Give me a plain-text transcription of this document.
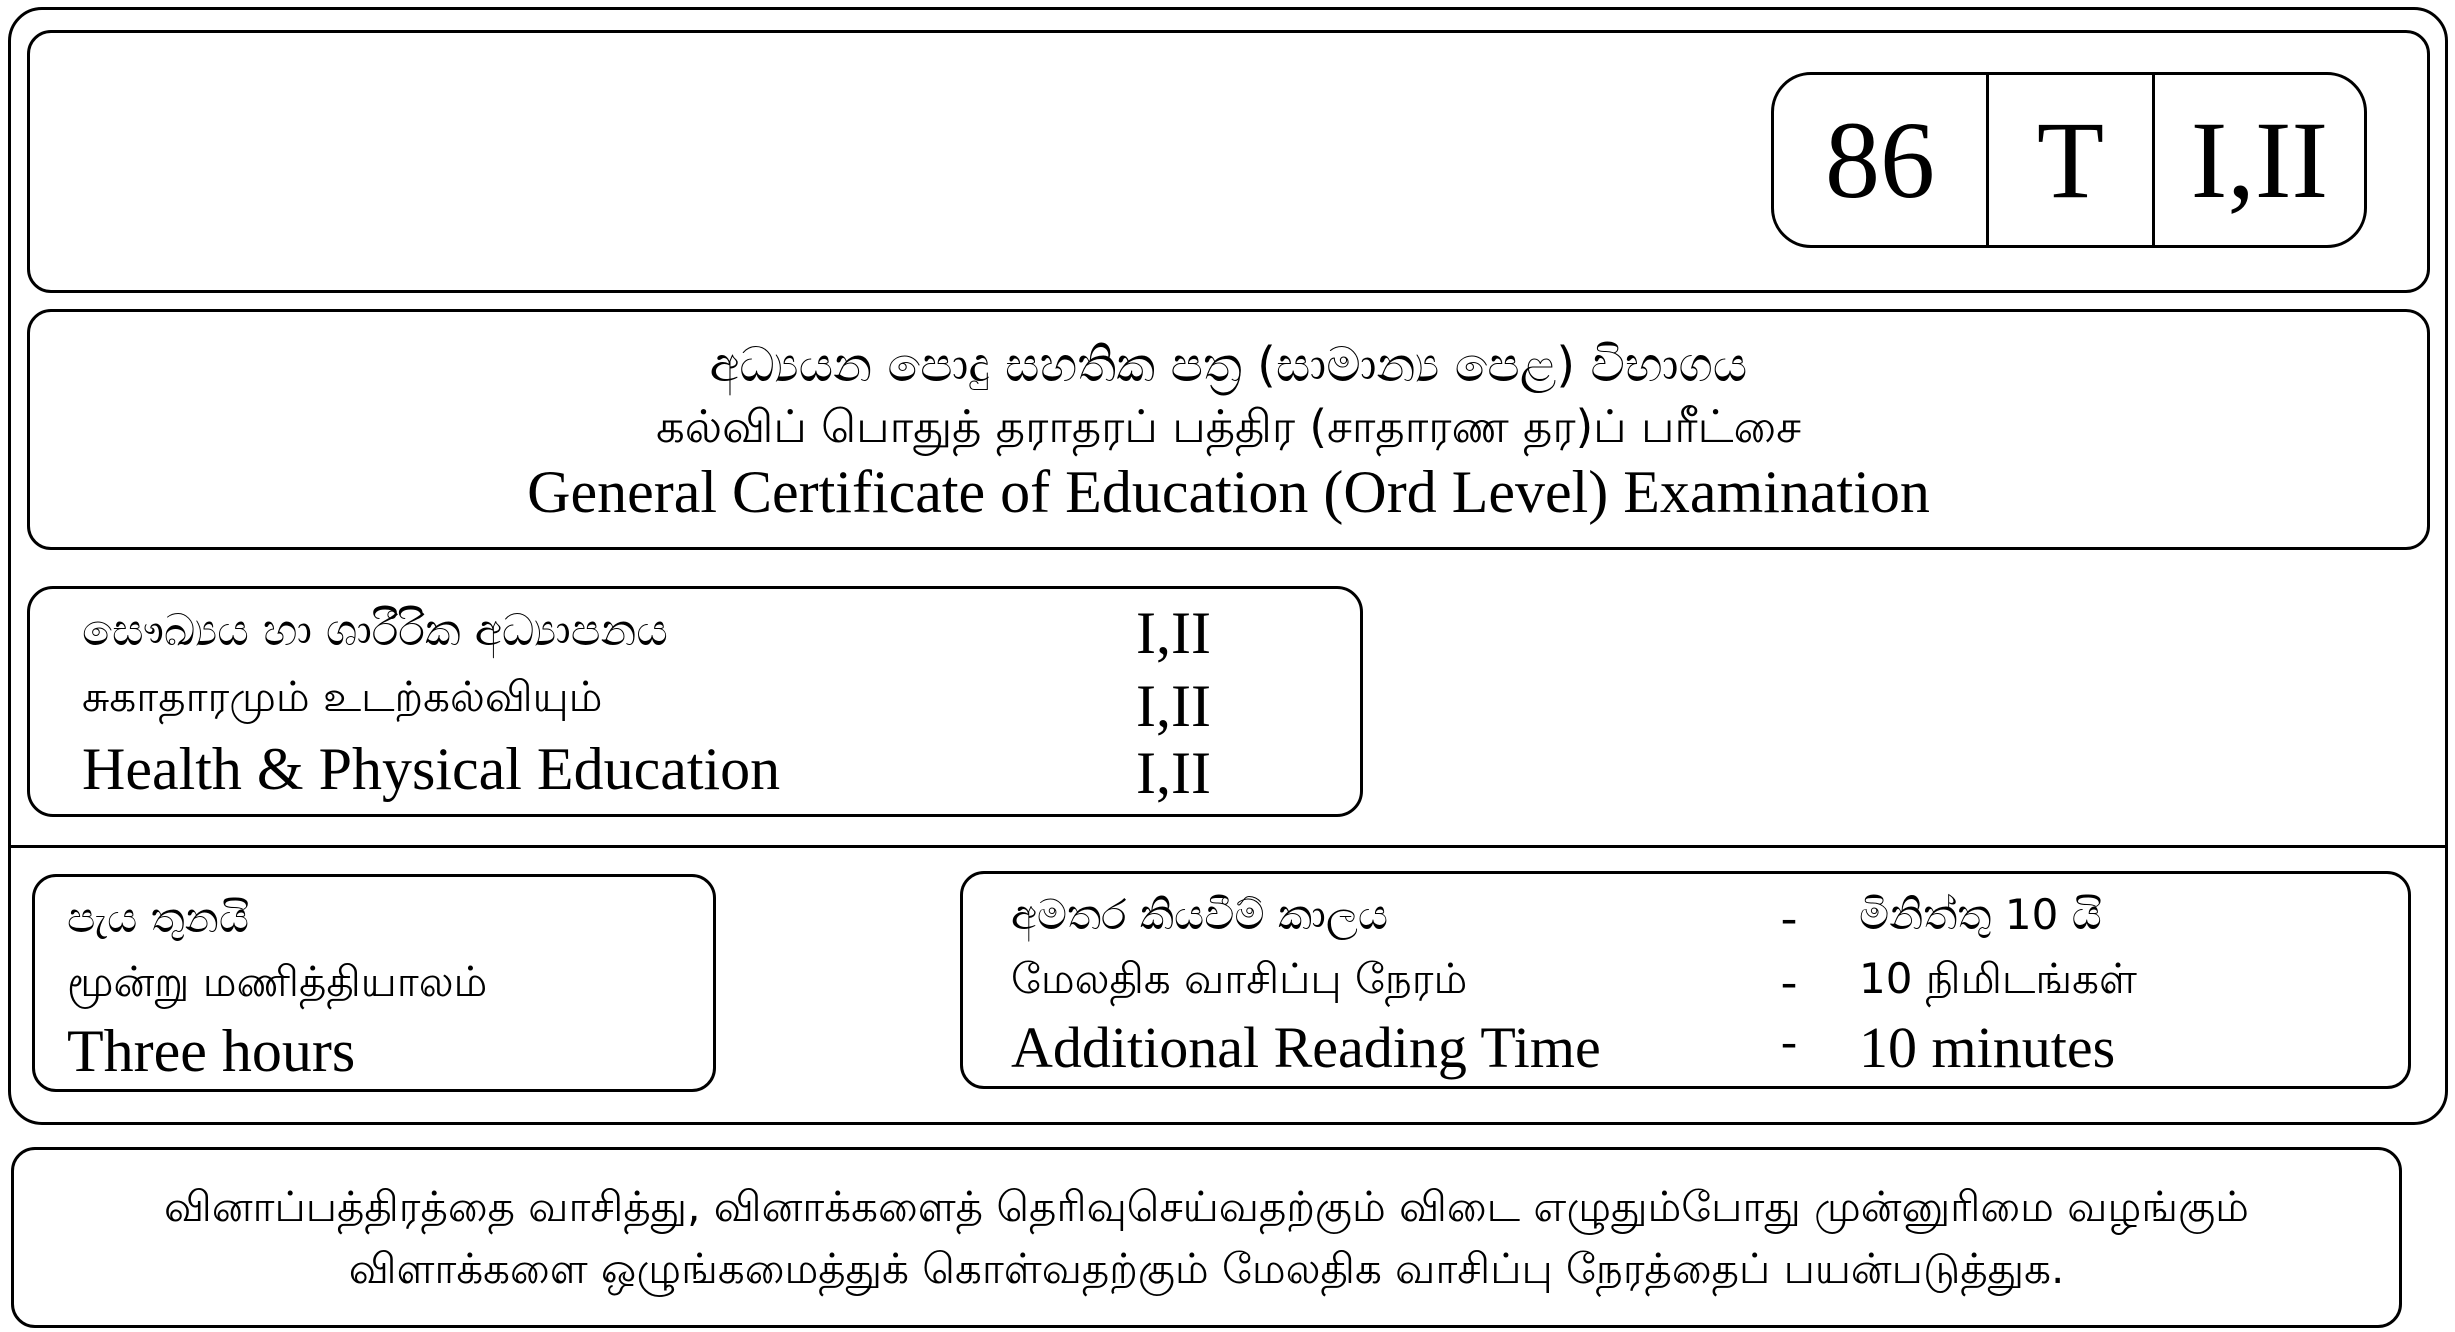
86 T I,II
අධ්‍යයන පොදු සහතික පත්‍ර (සාමාන්‍ය පෙළ) විභාගය
கல்விப் பொதுத் தராதரப் பத்திர (சாதாரண தர)ப் பரீட்சை
General Certificate of Education (Ord Level) Examination
සෞඛ්‍යය හා ශාරීරික අධ්‍යාපනය	I,II
சுகாதாரமும் உடற்கல்வியும்	I,II
Health & Physical Education	I,II
පැය තුනයි
மூன்று மணித்தியாலம்
Three hours
අමතර කියවීම් කාලය	- මිනිත්තු 10 යි
மேலதிக வாசிப்பு நேரம்	- 10 நிமிடங்கள்
Additional Reading Time	- 10 minutes
வினாப்பத்திரத்தை வாசித்து, வினாக்களைத் தெரிவுசெய்வதற்கும் விடை எழுதும்போது முன்னுரிமை வழங்கும்
விளாக்களை ஒழுங்கமைத்துக் கொள்வதற்கும் மேலதிக வாசிப்பு நேரத்தைப் பயன்படுத்துக.
